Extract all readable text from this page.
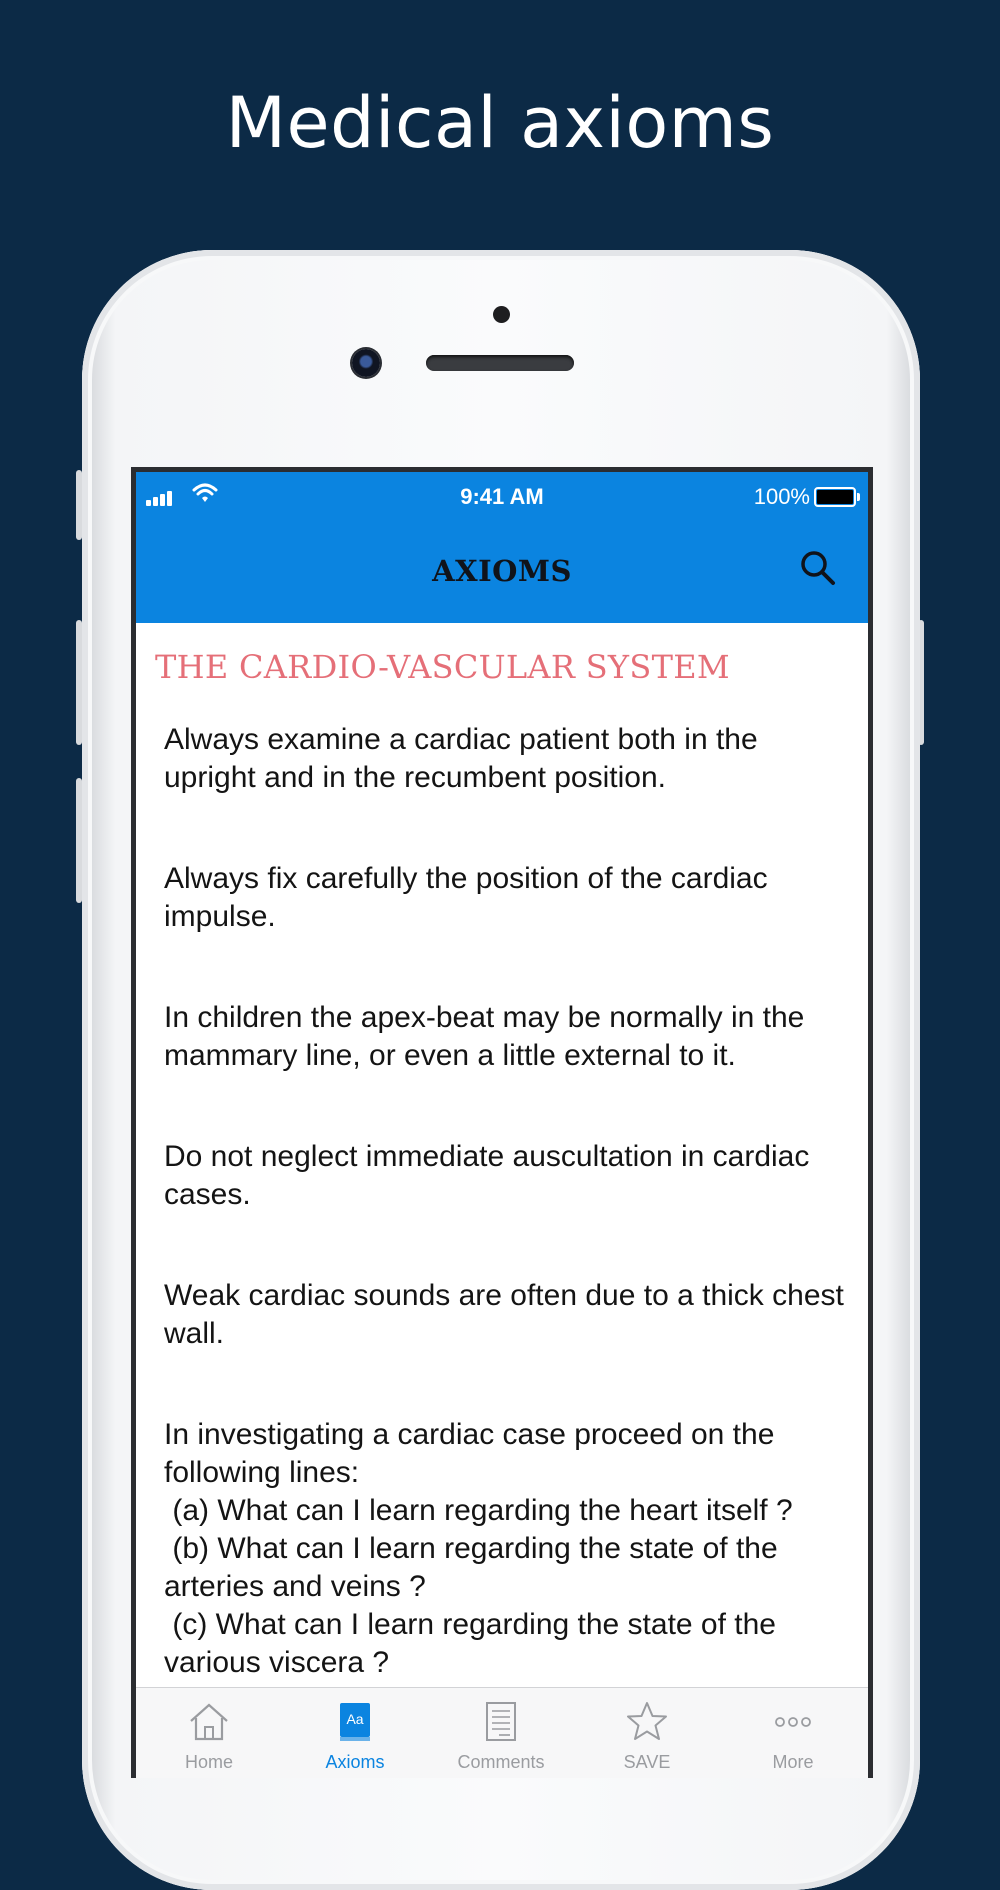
Medical axioms
9:41 AM	100%
AXIOMS
THE CARDIO-VASCULAR SYSTEM
Always examine a cardiac patient both in the upright and in the recumbent position.
Always fix carefully the position of the cardiac impulse.
In children the apex-beat may be normally in the mammary line, or even a little external to it.
Do not neglect immediate auscultation in cardiac cases.
Weak cardiac sounds are often due to a thick chest wall.
In investigating a cardiac case proceed on the following lines:
(a) What can I learn regarding the heart itself ?
(b) What can I learn regarding the state of the arteries and veins ?
(c) What can I learn regarding the state of the various viscera ?
Home
Aa
Axioms	Comments	SAVE	More
